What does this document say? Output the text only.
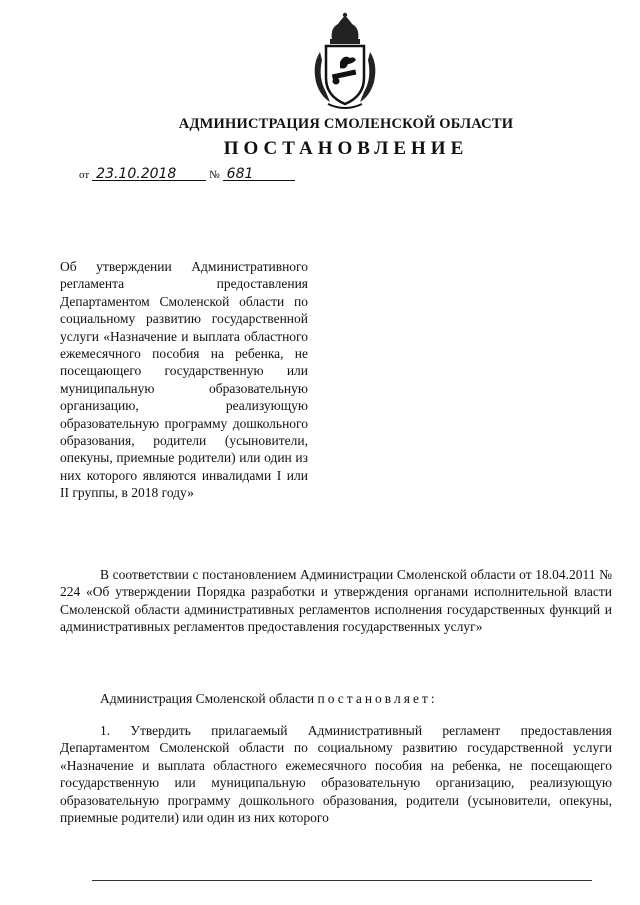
АДМИНИСТРАЦИЯ СМОЛЕНСКОЙ ОБЛАСТИ
ПОСТАНОВЛЕНИЕ
от 23.10.2018	№ 681

Об утверждении Административного регламента предоставления Департаментом Смоленской области по социальному развитию государственной услуги «Назначение и выплата областного ежемесячного пособия на ребенка, не посещающего государственную или муниципальную образовательную организацию, реализующую образовательную программу дошкольного образования, родители (усыновители, опекуны, приемные родители) или один из них которого являются инвалидами I или II группы, в 2018 году»

В соответствии с постановлением Администрации Смоленской области от 18.04.2011 № 224 «Об утверждении Порядка разработки и утверждения органами исполнительной власти Смоленской области административных регламентов исполнения государственных функций и административных регламентов предоставления государственных услуг»

Администрация Смоленской области постановляет:

1. Утвердить прилагаемый Административный регламент предоставления Департаментом Смоленской области по социальному развитию государственной услуги «Назначение и выплата областного ежемесячного пособия на ребенка, не посещающего государственную или муниципальную образовательную организацию, реализующую образовательную программу дошкольного образования, родители (усыновители, опекуны, приемные родители) или один из них которого
